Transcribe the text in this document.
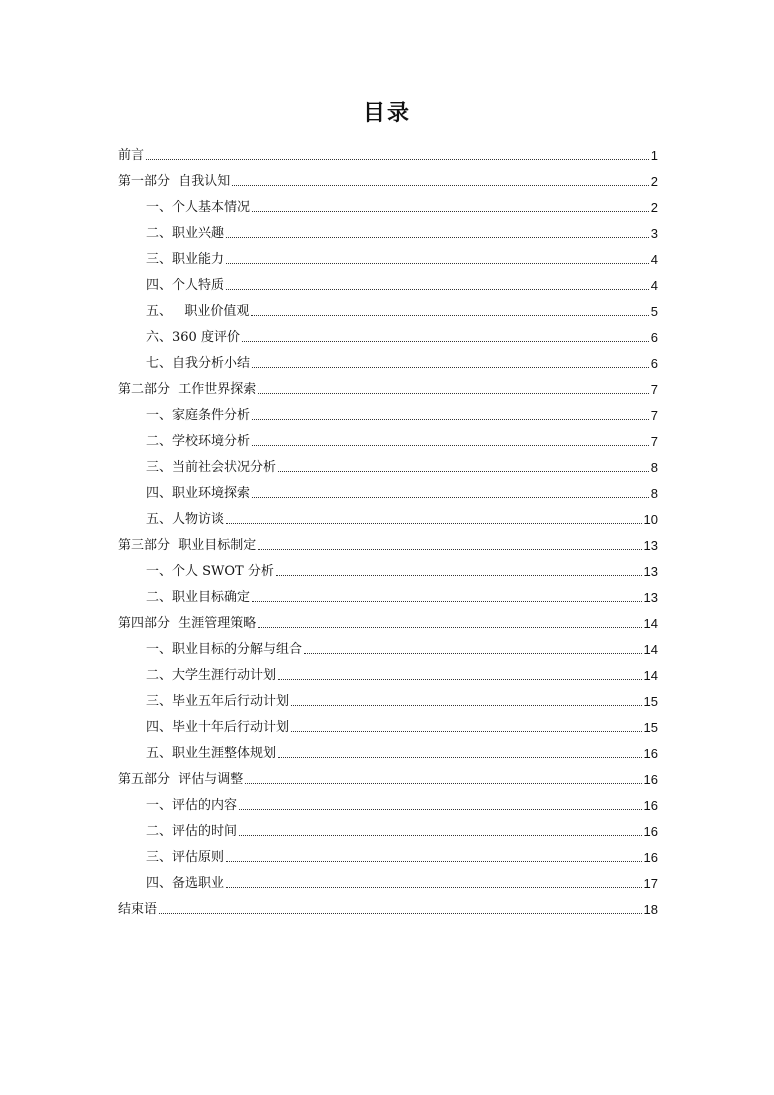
目录
前言	1
第一部分  自我认知	2
一、个人基本情况	2
二、职业兴趣	3
三、职业能力	4
四、个人特质	4
五、   职业价值观	5
六、360 度评价	6
七、自我分析小结	6
第二部分  工作世界探索	7
一、家庭条件分析	7
二、学校环境分析	7
三、当前社会状况分析	8
四、职业环境探索	8
五、人物访谈	10
第三部分  职业目标制定	13
一、个人 SWOT 分析	13
二、职业目标确定	13
第四部分  生涯管理策略	14
一、职业目标的分解与组合	14
二、大学生涯行动计划	14
三、毕业五年后行动计划	15
四、毕业十年后行动计划	15
五、职业生涯整体规划	16
第五部分  评估与调整	16
一、评估的内容	16
二、评估的时间	16
三、评估原则	16
四、备选职业	17
结束语	18
